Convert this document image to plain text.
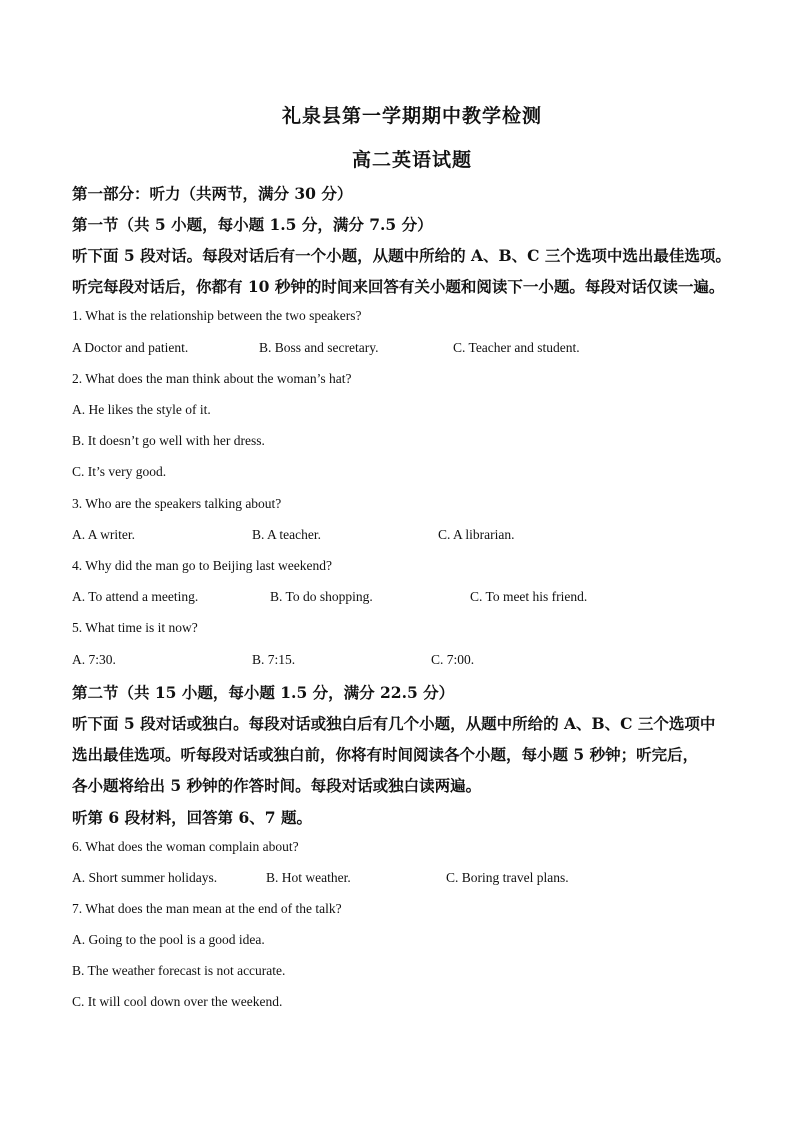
礼泉县第一学期期中教学检测
高二英语试题
第一部分：听力（共两节，满分 30 分）
第一节（共 5 小题，每小题 1.5 分，满分 7.5 分）
听下面 5 段对话。每段对话后有一个小题，从题中所给的 A、B、C 三个选项中选出最佳选项。
听完每段对话后，你都有 10 秒钟的时间来回答有关小题和阅读下一小题。每段对话仅读一遍。
1. What is the relationship between the two speakers?
A Doctor and patient.	B. Boss and secretary.	C. Teacher and student.
2. What does the man think about the woman’s hat?
A. He likes the style of it.
B. It doesn’t go well with her dress.
C. It’s very good.
3. Who are the speakers talking about?
A. A writer.	B. A teacher.	C. A librarian.
4. Why did the man go to Beijing last weekend?
A. To attend a meeting.	B. To do shopping.	C. To meet his friend.
5. What time is it now?
A. 7:30.	B. 7:15.	C. 7:00.
第二节（共 15 小题，每小题 1.5 分，满分 22.5 分）
听下面 5 段对话或独白。每段对话或独白后有几个小题，从题中所给的 A、B、C 三个选项中
选出最佳选项。听每段对话或独白前，你将有时间阅读各个小题，每小题 5 秒钟；听完后，
各小题将给出 5 秒钟的作答时间。每段对话或独白读两遍。
听第 6 段材料，回答第 6、7 题。
6. What does the woman complain about?
A. Short summer holidays.	B. Hot weather.	C. Boring travel plans.
7. What does the man mean at the end of the talk?
A. Going to the pool is a good idea.
B. The weather forecast is not accurate.
C. It will cool down over the weekend.
